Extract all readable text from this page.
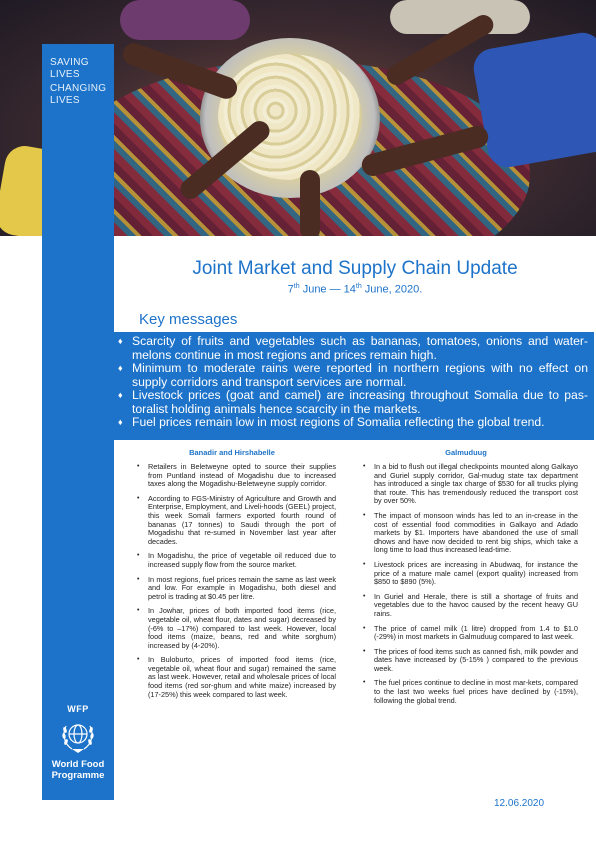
SAVING
LIVES
CHANGING
LIVES
WFP
World Food
Programme
Joint Market and Supply Chain Update
7th June — 14th June, 2020.
Key messages
♦ Scarcity of fruits and vegetables such as bananas, tomatoes, onions and water-melons continue in most regions and prices remain high.
♦ Minimum to moderate rains were reported in northern regions with no effect on supply corridors and transport services are normal.
♦ Livestock prices (goat and camel) are increasing throughout Somalia due to pas-toralist holding animals hence scarcity in the markets.
♦ Fuel prices remain low in most regions of Somalia reflecting the global trend.
Banadir and Hirshabelle
• Retailers in Beletweyne opted to source their supplies from Puntland instead of Mogadishu due to increased taxes along the Mogadishu-Beletweyne supply corridor.
• According to FGS-Ministry of Agriculture and Growth and Enterprise, Employment, and Liveli-hoods (GEEL) project, this week Somali farmers exported fourth round of bananas (17 tonnes) to Saudi through the port of Mogadishu that re-sumed in November last year after decades.
• In Mogadishu, the price of vegetable oil reduced due to increased supply flow from the source market.
• In most regions, fuel prices remain the same as last week and low. For example in Mogadishu, both diesel and petrol is trading at $0.45 per litre.
• In Jowhar, prices of both imported food items (rice, vegetable oil, wheat flour, dates and sugar) decreased by (-6% to –17%) compared to last week. However, local food items (maize, beans, red and white sorghum) increased by (4-20%).
• In Buloburto, prices of imported food items (rice, vegetable oil, wheat flour and sugar) remained the same as last week. However, retail and wholesale prices of local food items (red sor-ghum and white maize) increased by (17-25%) this week compared to last week.
Galmuduug
• In a bid to flush out illegal checkpoints mounted along Galkayo and Guriel supply corridor, Gal-mudug state tax department has introduced a single tax charge of $530 for all trucks plying that route. This has tremendously reduced the transport cost by over 50%.
• The impact of monsoon winds has led to an in-crease in the cost of essential food commodities in Galkayo and Adado markets by $1. Importers have abandoned the use of small dhows and have now decided to rent big ships, which take a long time to load thus increased lead-time.
• Livestock prices are increasing in Abudwaq, for instance the price of a mature male camel (export quality) increased from $850 to $890 (5%).
• In Guriel and Herale, there is still a shortage of fruits and vegetables due to the havoc caused by the recent heavy GU rains.
• The price of camel milk (1 litre) dropped from 1.4 to $1.0 (-29%) in most markets in Galmuduug compared to last week.
• The prices of food items such as canned fish, milk powder and dates have increased by (5-15% ) compared to the previous week.
• The fuel prices continue to decline in most mar-kets, compared to the last two weeks fuel prices have declined by (-15%), following the global trend.
12.06.2020
